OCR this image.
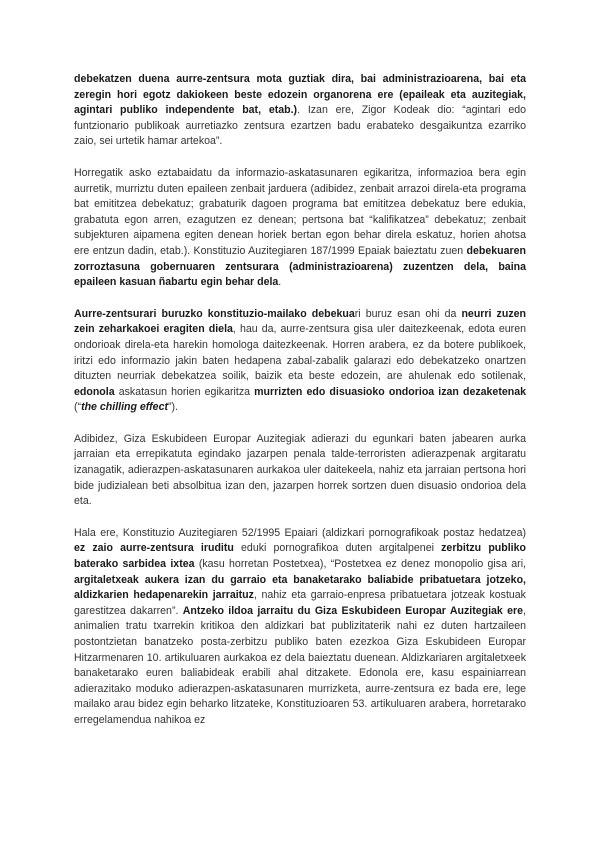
debekatzen duena aurre-zentsura mota guztiak dira, bai administrazioarena, bai eta zeregin hori egotz dakiokeen beste edozein organorena ere (epaileak eta auzitegiak, agintari publiko independente bat, etab.). Izan ere, Zigor Kodeak dio: “agintari edo funtzionario publikoak aurretiazko zentsura ezartzen badu erabateko desgaikuntza ezarriko zaio, sei urtetik hamar artekoa”.

Horregatik asko eztabaidatu da informazio-askatasunaren egikaritza, informazioa bera egin aurretik, murriztu duten epaileen zenbait jarduera (adibidez, zenbait arrazoi direla-eta programa bat emititzea debekatuz; grabaturik dagoen programa bat emititzea debekatuz bere edukia, grabatuta egon arren, ezagutzen ez denean; pertsona bat “kalifikatzea” debekatuz; zenbait subjekturen aipamena egiten denean horiek bertan egon behar direla eskatuz, horien ahotsa ere entzun dadin, etab.). Konstituzio Auzitegiaren 187/1999 Epaiak baieztatu zuen debekuaren zorroztasuna gobernuaren zentsurara (administrazioarena) zuzentzen dela, baina epaileen kasuan ñabartu egin behar dela.

Aurre-zentsurari buruzko konstituzio-mailako debekuari buruz esan ohi da neurri zuzen zein zeharkakoei eragiten diela, hau da, aurre-zentsura gisa uler daitezkeenak, edota euren ondorioak direla-eta harekin homologa daitezkeenak. Horren arabera, ez da botere publikoek, iritzi edo informazio jakin baten hedapena zabal-zabalik galarazi edo debekatzeko onartzen dituzten neurriak debekatzea soilik, baizik eta beste edozein, are ahulenak edo sotilenak, edonola askatasun horien egikaritza murrizten edo disuasioko ondorioa izan dezaketenak (“the chilling effect”).

Adibidez, Giza Eskubideen Europar Auzitegiak adierazi du egunkari baten jabearen aurka jarraian eta errepikatuta egindako jazarpen penala talde-terroristen adierazpenak argitaratu izanagatik, adierazpen-askatasunaren aurkakoa uler daitekeela, nahiz eta jarraian pertsona hori bide judizialean beti absolbitua izan den, jazarpen horrek sortzen duen disuasio ondorioa dela eta.

Hala ere, Konstituzio Auzitegiaren 52/1995 Epaiari (aldizkari pornografikoak postaz hedatzea) ez zaio aurre-zentsura iruditu eduki pornografikoa duten argitalpenei zerbitzu publiko baterako sarbidea ixtea (kasu horretan Postetxea), “Postetxea ez denez monopolio gisa ari, argitaletxeak aukera izan du garraio eta banaketarako baliabide pribatuetara jotzeko, aldizkarien hedapenarekin jarraituz, nahiz eta garraio-enpresa pribatuetara jotzeak kostuak garestitzea dakarren”. Antzeko ildoa jarraitu du Giza Eskubideen Europar Auzitegiak ere, animalien tratu txarrekin kritikoa den aldizkari bat publizitaterik nahi ez duten hartzaileen postontzietan banatzeko posta-zerbitzu publiko baten ezezkoa Giza Eskubideen Europar Hitzarmenaren 10. artikuluaren aurkakoa ez dela baieztatu duenean. Aldizkariaren argitaletxeek banaketarako euren baliabideak erabili ahal ditzakete. Edonola ere, kasu espainiarrean adierazitako moduko adierazpen-askatasunaren murrizketa, aurre-zentsura ez bada ere, lege mailako arau bidez egin beharko litzateke, Konstituzioaren 53. artikuluaren arabera, horretarako erregelamendua nahikoa ez
